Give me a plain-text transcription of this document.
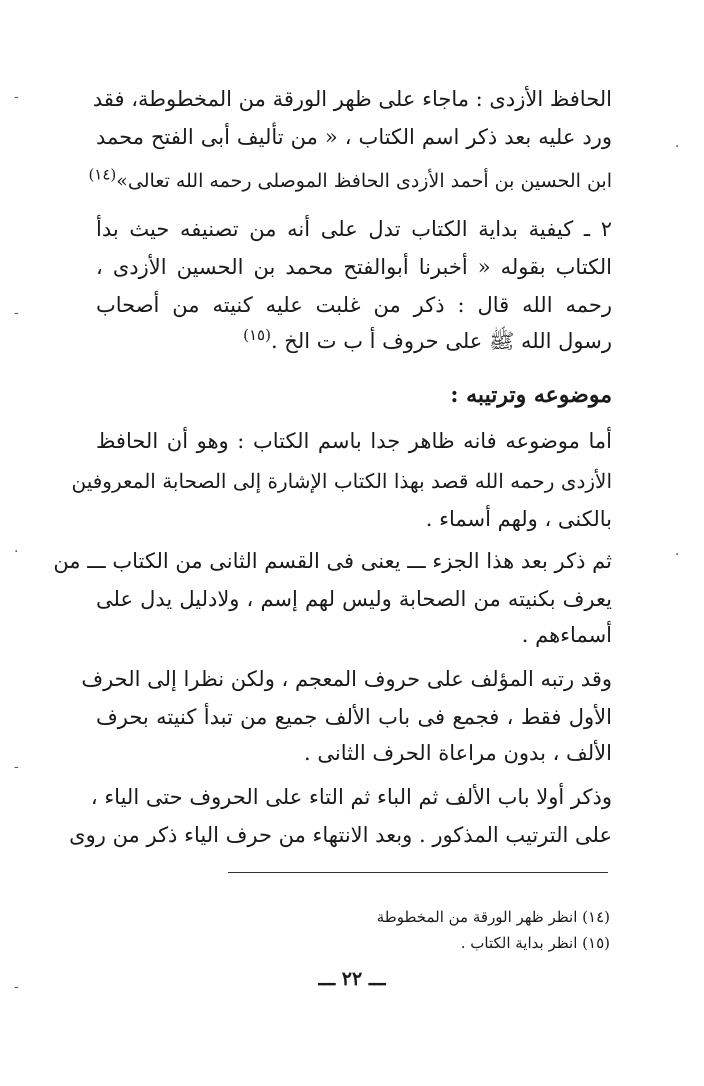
الحافظ الأزدى : ماجاء على ظهر الورقة من المخطوطة، فقد
ورد عليه بعد ذكر اسم الكتاب ، « من تأليف أبى الفتح محمد
ابن الحسين بن أحمد الأزدى الحافظ الموصلى رحمه الله تعالى»$^{(١٤)}$
٢ ـ كيفية بداية الكتاب تدل على أنه من تصنيفه حيث بدأ
الكتاب بقوله « أخبرنا أبوالفتح محمد بن الحسين الأزدى ،
رحمه الله قال : ذكر من غلبت عليه كنيته من أصحاب
رسول الله ﷺ على حروف أ ب ت الخ .$^{(١٥)}$
موضوعه وترتيبه :
أما موضوعه فانه ظاهر جدا باسم الكتاب : وهو أن الحافظ
الأزدى رحمه الله قصد بهذا الكتاب الإشارة إلى الصحابة المعروفين
بالكنى ، ولهم أسماء .
ثم ذكر بعد هذا الجزء ـــ يعنى فى القسم الثانى من الكتاب ـــ من
يعرف بكنيته من الصحابة وليس لهم إسم ، ولادليل يدل على
أسماءهم .
وقد رتبه المؤلف على حروف المعجم ، ولكن نظرا إلى الحرف
الأول فقط ، فجمع فى باب الألف جميع من تبدأ كنيته بحرف
الألف ، بدون مراعاة الحرف الثانى .
وذكر أولا باب الألف ثم الباء ثم التاء على الحروف حتى الياء ،
على الترتيب المذكور . وبعد الانتهاء من حرف الياء ذكر من روى
(١٤) انظر ظهر الورقة من المخطوطة
(١٥) انظر بداية الكتاب .
ـــ ٢٢ ـــ
-
-
·
-
-
·
·
